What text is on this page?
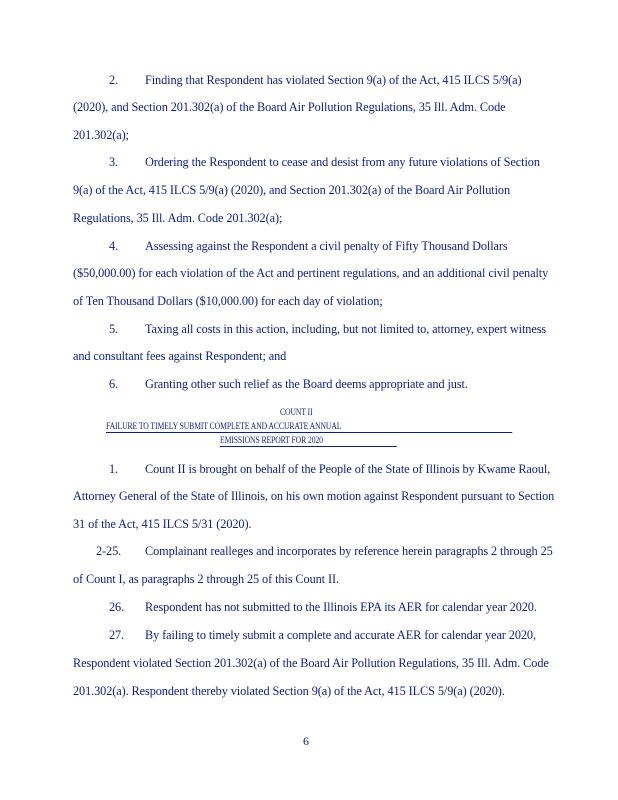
2. Finding that Respondent has violated Section 9(a) of the Act, 415 ILCS 5/9(a)
(2020), and Section 201.302(a) of the Board Air Pollution Regulations, 35 Ill. Adm. Code
201.302(a);
3. Ordering the Respondent to cease and desist from any future violations of Section
9(a) of the Act, 415 ILCS 5/9(a) (2020), and Section 201.302(a) of the Board Air Pollution
Regulations, 35 Ill. Adm. Code 201.302(a);
4. Assessing against the Respondent a civil penalty of Fifty Thousand Dollars
($50,000.00) for each violation of the Act and pertinent regulations, and an additional civil penalty
of Ten Thousand Dollars ($10,000.00) for each day of violation;
5. Taxing all costs in this action, including, but not limited to, attorney, expert witness
and consultant fees against Respondent; and
6. Granting other such relief as the Board deems appropriate and just.
COUNT II
FAILURE TO TIMELY SUBMIT COMPLETE AND ACCURATE ANNUAL
EMISSIONS REPORT FOR 2020
1. Count II is brought on behalf of the People of the State of Illinois by Kwame Raoul,
Attorney General of the State of Illinois, on his own motion against Respondent pursuant to Section
31 of the Act, 415 ILCS 5/31 (2020).
2-25. Complainant realleges and incorporates by reference herein paragraphs 2 through 25
of Count I, as paragraphs 2 through 25 of this Count II.
26. Respondent has not submitted to the Illinois EPA its AER for calendar year 2020.
27. By failing to timely submit a complete and accurate AER for calendar year 2020,
Respondent violated Section 201.302(a) of the Board Air Pollution Regulations, 35 Ill. Adm. Code
201.302(a). Respondent thereby violated Section 9(a) of the Act, 415 ILCS 5/9(a) (2020).
6
